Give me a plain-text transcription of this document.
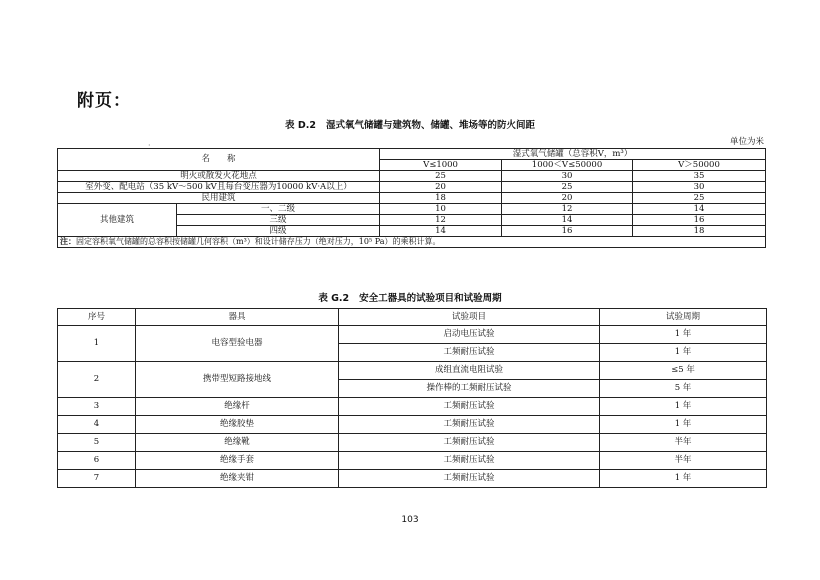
附页：

表 D.2 湿式氧气储罐与建筑物、储罐、堆场等的防火间距

单位为米

·
名　　称		湿式氧气储罐（总容积V，m³）		
		V≤1000	1000＜V≤50000	V＞50000
明火或散发火花地点		25	30	35
室外变、配电站（35 kV～500 kV且每台变压器为10000 kV·A以上）		20	25	30
民用建筑		18	20	25
其他建筑	一、二级	10	12	14
	三级	12	14	16
	四级	14	16	18
注：固定容积氧气储罐的总容积按储罐几何容积（m³）和设计储存压力（绝对压力，10⁵ Pa）的乘积计算。				

表 G.2 安全工器具的试验项目和试验周期

序号	器具	试验项目	试验周期
1	电容型验电器	启动电压试验	1 年
		工频耐压试验	1 年
2	携带型短路接地线	成组直流电阻试验	≤5 年
		操作棒的工频耐压试验	5 年
3	绝缘杆	工频耐压试验	1 年
4	绝缘胶垫	工频耐压试验	1 年
5	绝缘靴	工频耐压试验	半年
6	绝缘手套	工频耐压试验	半年
7	绝缘夹钳	工频耐压试验	1 年

103
